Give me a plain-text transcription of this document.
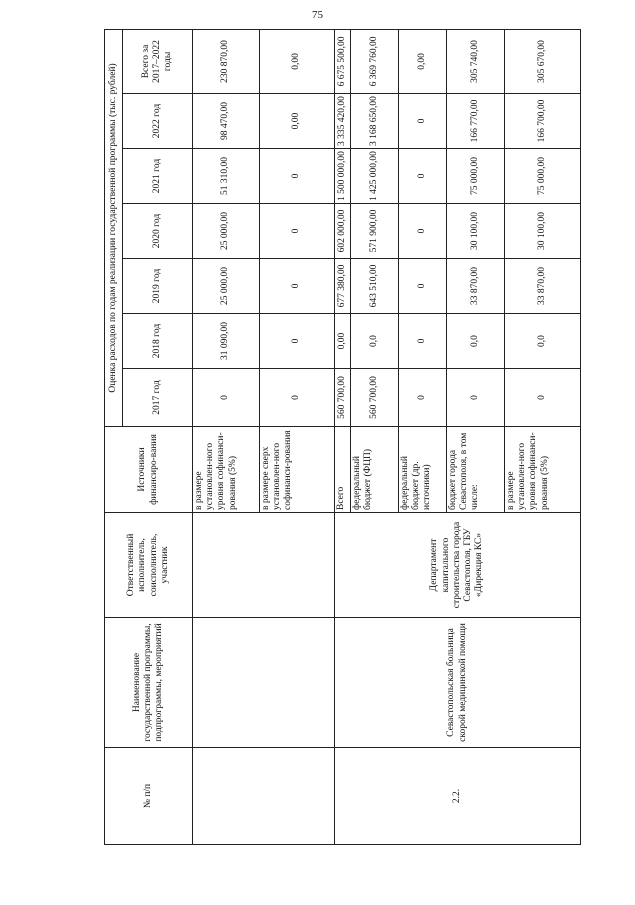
75
№ п/п	Наименование государственной программы, подпрограммы, мероприятий	Ответственный исполнитель, соисполнитель, участник	Источники финансиро-вания	Оценка расходов по годам реализации государственной программы (тыс. рублей)						
				2017 год	2018 год	2019 год	2020 год	2021 год	2022 год	Всего за 2017–2022 годы
			в размере установлен-ного уровня софинанси-рования (5%)	0	31 090,00	25 000,00	25 000,00	51 310,00	98 470,00	230 870,00
			в размере сверх установлен-ного софинанси-рования	0	0	0	0	0	0,00	0,00
2.2.	Севастопольская больница скорой медицинской помощи	Департамент капитального строительства города Севастополя, ГБУ «Дирекция КС»	Всего	560 700,00	0,00	677 380,00	602 000,00	1 500 000,00	3 335 420,00	6 675 500,00
			федеральный бюджет (ФЦП)	560 700,00	0,0	643 510,00	571 900,00	1 425 000,00	3 168 650,00	6 369 760,00
			федеральный бюджет (др. источники)	0	0	0	0	0	0	0,00
			бюджет города Севастополя, в том числе:	0	0,0	33 870,00	30 100,00	75 000,00	166 770,00	305 740,00
			в размере установлен-ного уровня софинанси-рования (5%)	0	0,0	33 870,00	30 100,00	75 000,00	166 700,00	305 670,00
